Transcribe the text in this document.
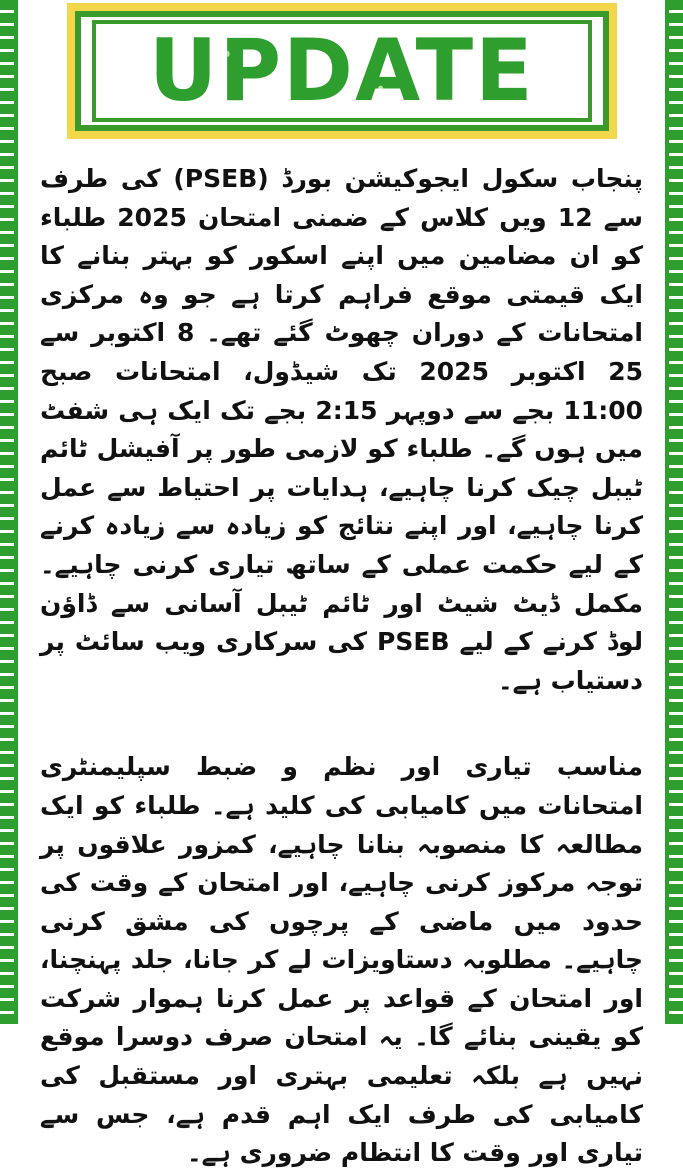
UPDATE

پنجاب سکول ایجوکیشن بورڈ (PSEB) کی طرف سے 12 ویں کلاس کے ضمنی امتحان 2025 طلباء کو ان مضامین میں اپنے اسکور کو بہتر بنانے کا ایک قیمتی موقع فراہم کرتا ہے جو وہ مرکزی امتحانات کے دوران چھوٹ گئے تھے۔ 8 اکتوبر سے 25 اکتوبر 2025 تک شیڈول، امتحانات صبح 11:00 بجے سے دوپہر 2:15 بجے تک ایک ہی شفٹ میں ہوں گے۔ طلباء کو لازمی طور پر آفیشل ٹائم ٹیبل چیک کرنا چاہیے، ہدایات پر احتیاط سے عمل کرنا چاہیے، اور اپنے نتائج کو زیادہ سے زیادہ کرنے کے لیے حکمت عملی کے ساتھ تیاری کرنی چاہیے۔ مکمل ڈیٹ شیٹ اور ٹائم ٹیبل آسانی سے ڈاؤن لوڈ کرنے کے لیے PSEB کی سرکاری ویب سائٹ پر دستیاب ہے۔

مناسب تیاری اور نظم و ضبط سپلیمنٹری امتحانات میں کامیابی کی کلید ہے۔ طلباء کو ایک مطالعہ کا منصوبہ بنانا چاہیے، کمزور علاقوں پر توجہ مرکوز کرنی چاہیے، اور امتحان کے وقت کی حدود میں ماضی کے پرچوں کی مشق کرنی چاہیے۔ مطلوبہ دستاویزات لے کر جانا، جلد پہنچنا، اور امتحان کے قواعد پر عمل کرنا ہموار شرکت کو یقینی بنائے گا۔ یہ امتحان صرف دوسرا موقع نہیں ہے بلکہ تعلیمی بہتری اور مستقبل کی کامیابی کی طرف ایک اہم قدم ہے، جس سے تیاری اور وقت کا انتظام ضروری ہے۔
